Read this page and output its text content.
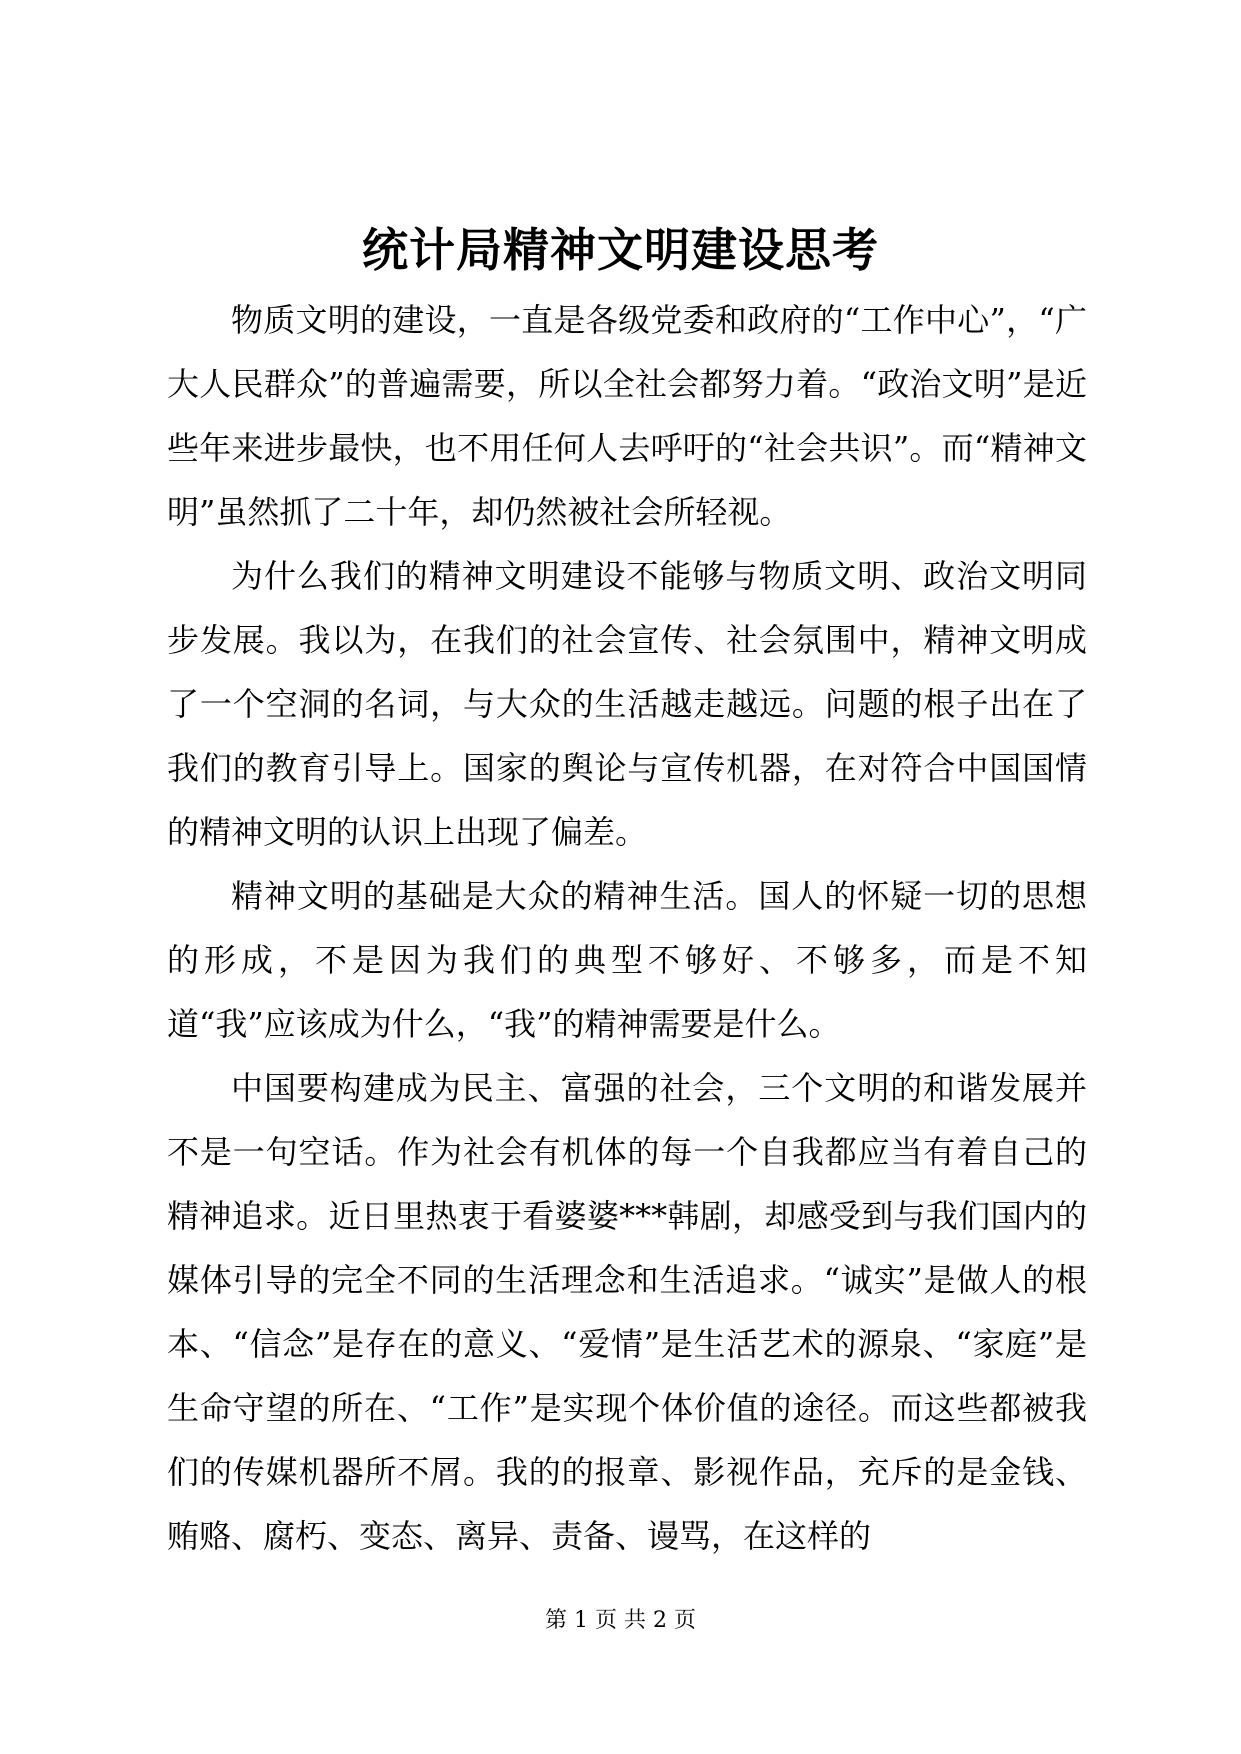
统计局精神文明建设思考

物质文明的建设，一直是各级党委和政府的“工作中心”，“广大人民群众”的普遍需要，所以全社会都努力着。“政治文明”是近些年来进步最快，也不用任何人去呼吁的“社会共识”。而“精神文明”虽然抓了二十年，却仍然被社会所轻视。

为什么我们的精神文明建设不能够与物质文明、政治文明同步发展。我以为，在我们的社会宣传、社会氛围中，精神文明成了一个空洞的名词，与大众的生活越走越远。问题的根子出在了我们的教育引导上。国家的舆论与宣传机器，在对符合中国国情的精神文明的认识上出现了偏差。

精神文明的基础是大众的精神生活。国人的怀疑一切的思想的形成，不是因为我们的典型不够好、不够多，而是不知道“我”应该成为什么，“我”的精神需要是什么。

中国要构建成为民主、富强的社会，三个文明的和谐发展并不是一句空话。作为社会有机体的每一个自我都应当有着自己的精神追求。近日里热衷于看婆婆***韩剧，却感受到与我们国内的媒体引导的完全不同的生活理念和生活追求。“诚实”是做人的根本、“信念”是存在的意义、“爱情”是生活艺术的源泉、“家庭”是生命守望的所在、“工作”是实现个体价值的途径。而这些都被我们的传媒机器所不屑。我的的报章、影视作品，充斥的是金钱、贿赂、腐朽、变态、离异、责备、谩骂，在这样的

第 1 页 共 2 页
